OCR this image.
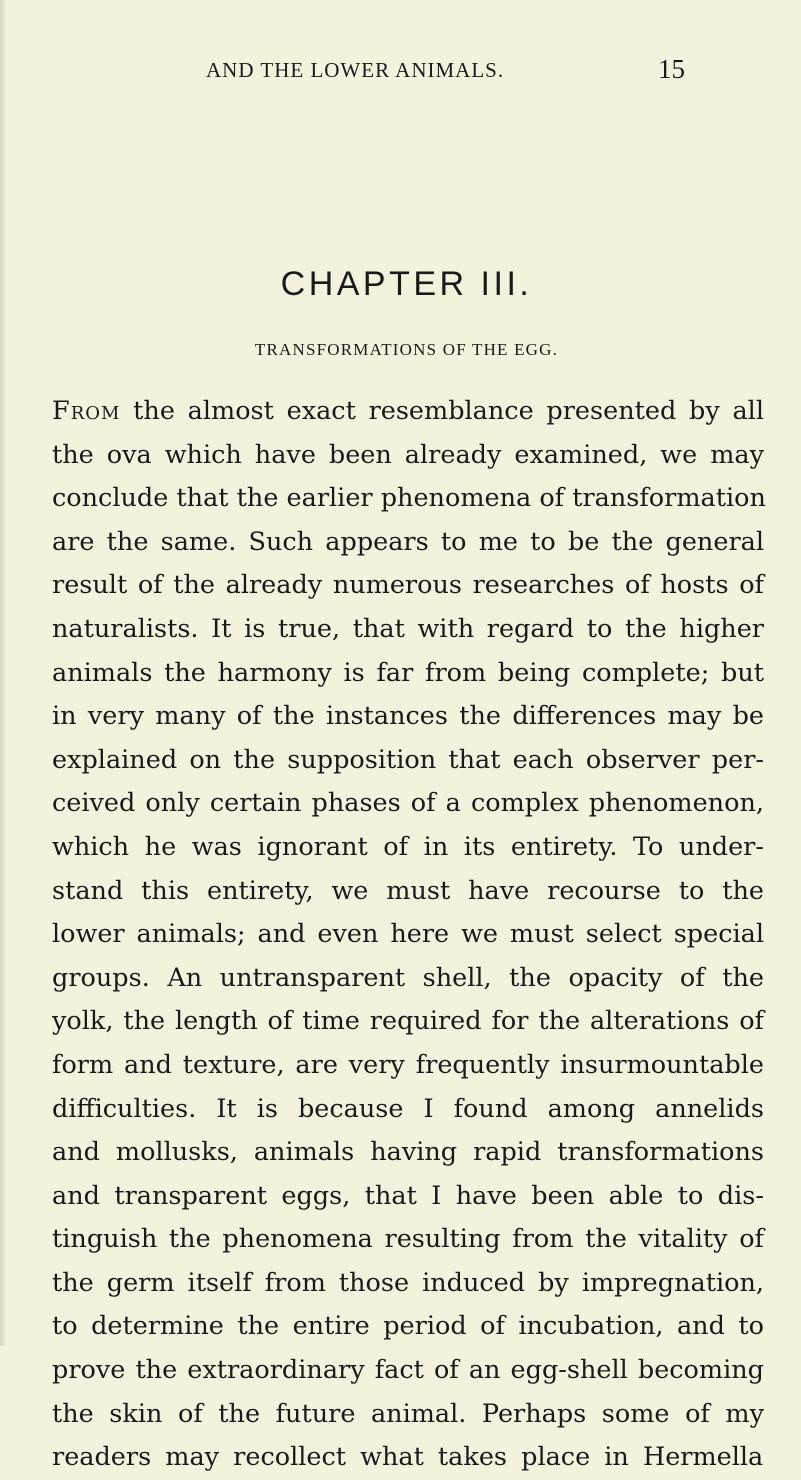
AND THE LOWER ANIMALS.	15
CHAPTER III.
TRANSFORMATIONS OF THE EGG.
From the almost exact resemblance presented by all
the ova which have been already examined, we may
conclude that the earlier phenomena of transformation
are the same. Such appears to me to be the general
result of the already numerous researches of hosts of
naturalists. It is true, that with regard to the higher
animals the harmony is far from being complete; but
in very many of the instances the differences may be
explained on the supposition that each observer per-
ceived only certain phases of a complex phenomenon,
which he was ignorant of in its entirety. To under-
stand this entirety, we must have recourse to the
lower animals; and even here we must select special
groups. An untransparent shell, the opacity of the
yolk, the length of time required for the alterations of
form and texture, are very frequently insurmountable
difficulties. It is because I found among annelids
and mollusks, animals having rapid transformations
and transparent eggs, that I have been able to dis-
tinguish the phenomena resulting from the vitality of
the germ itself from those induced by impregnation,
to determine the entire period of incubation, and to
prove the extraordinary fact of an egg-shell becoming
the skin of the future animal. Perhaps some of my
readers may recollect what takes place in Hermella
